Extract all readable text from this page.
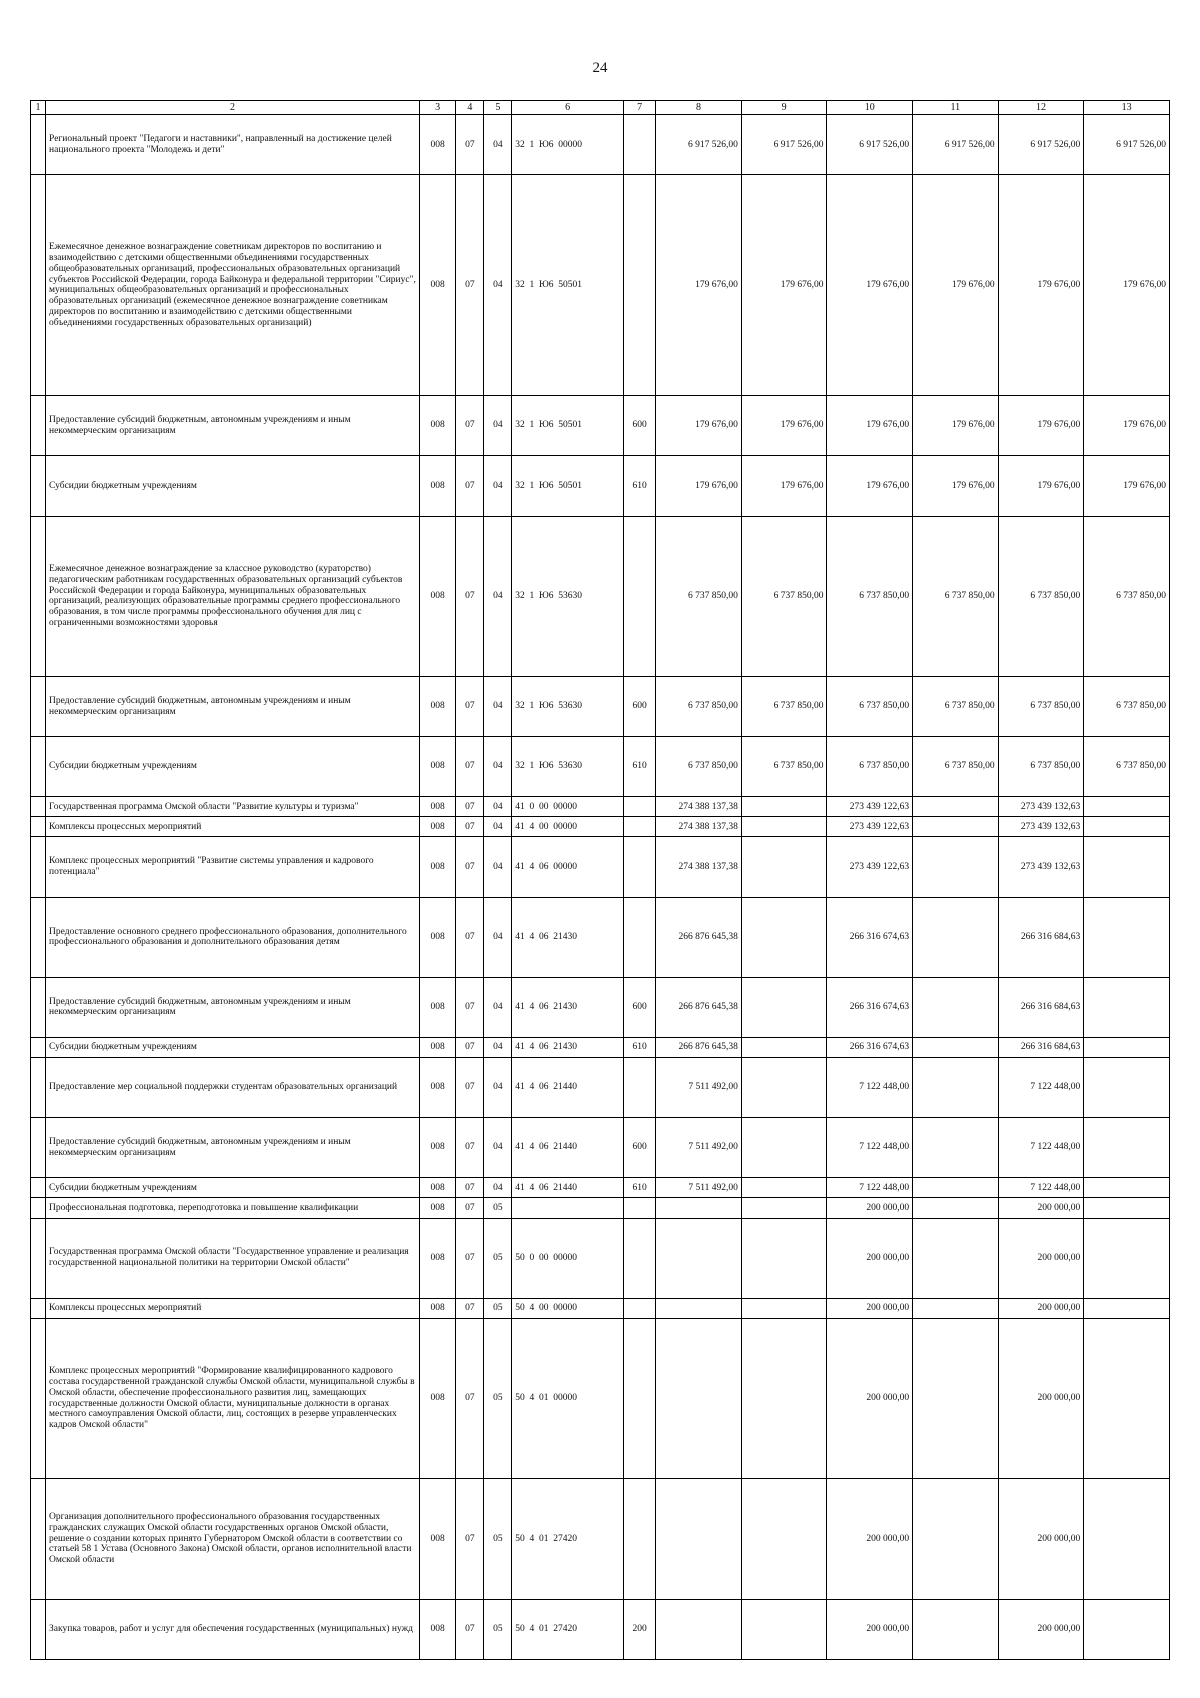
24
1	2	3	4	5	6	7	8	9	10	11	12	13
	Региональный проект "Педагоги и наставники", направленный на достижение целей национального проекта "Молодежь и дети"	008	07	04	32  1  Ю6  00000		6 917 526,00	6 917 526,00	6 917 526,00	6 917 526,00	6 917 526,00	6 917 526,00
	Ежемесячное денежное вознаграждение советникам директоров по воспитанию и взаимодействию с детскими общественными объединениями государственных общеобразовательных организаций, профессиональных образовательных организаций субъектов Российской Федерации, города Байконура и федеральной территории "Сириус", муниципальных общеобразовательных организаций и профессиональных образовательных организаций (ежемесячное денежное вознаграждение советникам директоров по воспитанию и взаимодействию с детскими общественными объединениями государственных образовательных организаций)	008	07	04	32  1  Ю6  50501		179 676,00	179 676,00	179 676,00	179 676,00	179 676,00	179 676,00
	Предоставление субсидий бюджетным, автономным учреждениям и иным некоммерческим организациям	008	07	04	32  1  Ю6  50501	600	179 676,00	179 676,00	179 676,00	179 676,00	179 676,00	179 676,00
	Субсидии бюджетным учреждениям	008	07	04	32  1  Ю6  50501	610	179 676,00	179 676,00	179 676,00	179 676,00	179 676,00	179 676,00
	Ежемесячное денежное вознаграждение за классное руководство (кураторство) педагогическим работникам государственных образовательных организаций субъектов Российской Федерации и города Байконура, муниципальных образовательных организаций, реализующих образовательные программы среднего профессионального образования, в том числе программы профессионального обучения для лиц с ограниченными возможностями здоровья	008	07	04	32  1  Ю6  53630		6 737 850,00	6 737 850,00	6 737 850,00	6 737 850,00	6 737 850,00	6 737 850,00
	Предоставление субсидий бюджетным, автономным учреждениям и иным некоммерческим организациям	008	07	04	32  1  Ю6  53630	600	6 737 850,00	6 737 850,00	6 737 850,00	6 737 850,00	6 737 850,00	6 737 850,00
	Субсидии бюджетным учреждениям	008	07	04	32  1  Ю6  53630	610	6 737 850,00	6 737 850,00	6 737 850,00	6 737 850,00	6 737 850,00	6 737 850,00
	Государственная программа Омской области "Развитие культуры и туризма"	008	07	04	41  0  00  00000		274 388 137,38		273 439 122,63		273 439 132,63	
	Комплексы процессных мероприятий	008	07	04	41  4  00  00000		274 388 137,38		273 439 122,63		273 439 132,63	
	Комплекс процессных мероприятий "Развитие системы управления и кадрового потенциала"	008	07	04	41  4  06  00000		274 388 137,38		273 439 122,63		273 439 132,63	
	Предоставление основного среднего профессионального образования, дополнительного профессионального образования и дополнительного образования детям	008	07	04	41  4  06  21430		266 876 645,38		266 316 674,63		266 316 684,63	
	Предоставление субсидий бюджетным, автономным учреждениям и иным некоммерческим организациям	008	07	04	41  4  06  21430	600	266 876 645,38		266 316 674,63		266 316 684,63	
	Субсидии бюджетным учреждениям	008	07	04	41  4  06  21430	610	266 876 645,38		266 316 674,63		266 316 684,63	
	Предоставление мер социальной поддержки студентам образовательных организаций	008	07	04	41  4  06  21440		7 511 492,00		7 122 448,00		7 122 448,00	
	Предоставление субсидий бюджетным, автономным учреждениям и иным некоммерческим организациям	008	07	04	41  4  06  21440	600	7 511 492,00		7 122 448,00		7 122 448,00	
	Субсидии бюджетным учреждениям	008	07	04	41  4  06  21440	610	7 511 492,00		7 122 448,00		7 122 448,00	
	Профессиональная подготовка, переподготовка и повышение квалификации	008	07	05					200 000,00		200 000,00	
	Государственная программа Омской области "Государственное управление и реализация государственной национальной политики на территории Омской области"	008	07	05	50  0  00  00000				200 000,00		200 000,00	
	Комплексы процессных мероприятий	008	07	05	50  4  00  00000				200 000,00		200 000,00	
	Комплекс процессных мероприятий "Формирование квалифицированного кадрового состава государственной гражданской службы Омской области, муниципальной службы в Омской области, обеспечение профессионального развития лиц, замещающих государственные должности Омской области, муниципальные должности в органах местного самоуправления Омской области, лиц, состоящих в резерве управленческих кадров Омской области"	008	07	05	50  4  01  00000				200 000,00		200 000,00	
	Организация дополнительного профессионального образования государственных гражданских служащих Омской области государственных органов Омской области, решение о создании которых принято Губернатором Омской области в соответствии со статьей 58 1 Устава (Основного Закона) Омской области, органов исполнительной власти Омской области	008	07	05	50  4  01  27420				200 000,00		200 000,00	
	Закупка товаров, работ и услуг для обеспечения государственных (муниципальных) нужд	008	07	05	50  4  01  27420	200			200 000,00		200 000,00	
